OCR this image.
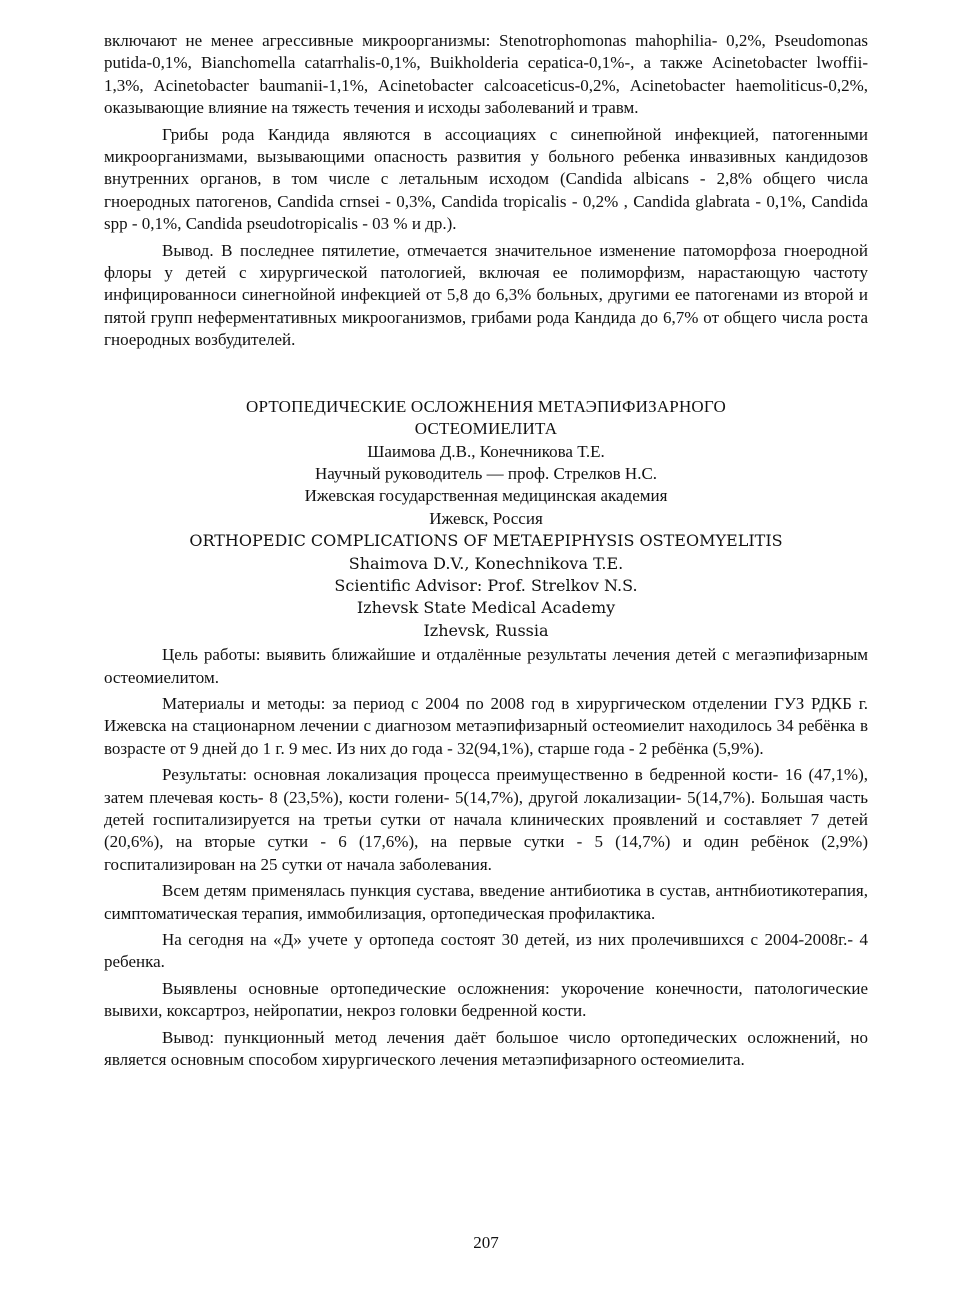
включают не менее агрессивные микроорганизмы: Stenotrophomonas mahophilia- 0,2%, Pseudomonas putida-0,1%, Bianchomella catarrhalis-0,1%, Buikholderia cepatica-0,1%-, а также Acinetobacter lwoffii-1,3%, Acinetobacter baumanii-1,1%, Acinetobacter calcoaceticus-0,2%, Acinetobacter haemoliticus-0,2%, оказывающие влияние на тяжесть течения и исходы заболеваний и травм.

Грибы рода Кандида являются в ассоциациях с синепюйной инфекцией, патогенными микроорганизмами, вызывающими опасность развития у больного ребенка инвазивных кандидозов внутренних органов, в том числе с летальным исходом (Candida albicans - 2,8% общего числа гноеродных патогенов, Candida crnsei - 0,3%, Candida tropicalis - 0,2% , Candida glabrata - 0,1%, Candida spp - 0,1%, Candida pseudotropicalis - 03 % и др.).

Вывод. В последнее пятилетие, отмечается значительное изменение патоморфоза гноеродной флоры у детей с хирургической патологией, включая ее полиморфизм, нарастающую частоту инфицированноси синегнойной инфекцией от 5,8 до 6,3% больных, другими ее патогенами из второй и пятой групп неферментативных микрооганизмов, грибами рода Кандида до 6,7% от общего числа роста гноеродных возбудителей.

ОРТОПЕДИЧЕСКИЕ ОСЛОЖНЕНИЯ МЕТАЭПИФИЗАРНОГО
ОСТЕОМИЕЛИТА
Шаимова Д.В., Конечникова Т.Е.
Научный руководитель — проф. Стрелков Н.С.
Ижевская государственная медицинская академия
Ижевск, Россия
ORTHOPEDIC COMPLICATIONS OF METAEPIPHYSIS OSTEOMYELITIS
Shaimova D.V., Konechnikova T.E.
Scientific Advisor: Prof. Strelkov N.S.
Izhevsk State Medical Academy
Izhevsk, Russia

Цель работы: выявить ближайшие и отдалённые результаты лечения детей с мегаэпифизарным остеомиелитом.

Материалы и методы: за период с 2004 по 2008 год в хирургическом отделении ГУЗ РДКБ г. Ижевска на стационарном лечении с диагнозом метаэпифизарный остеомиелит находилось 34 ребёнка в возрасте от 9 дней до 1 г. 9 мес. Из них до года - 32(94,1%), старше года - 2 ребёнка (5,9%).

Результаты: основная локализация процесса преимущественно в бедренной кости- 16 (47,1%), затем плечевая кость- 8 (23,5%), кости голени- 5(14,7%), другой локализации- 5(14,7%). Большая часть детей госпитализируется на третьи сутки от начала клинических проявлений и составляет 7 детей (20,6%), на вторые сутки - 6 (17,6%), на первые сутки - 5 (14,7%) и один ребёнок (2,9%) госпитализирован на 25 сутки от начала заболевания.

Всем детям применялась пункция сустава, введение антибиотика в сустав, антнбиотикотерапия, симптоматическая терапия, иммобилизация, ортопедическая профилактика.

На сегодня на «Д» учете у ортопеда состоят 30 детей, из них пролечившихся с 2004-2008г.- 4 ребенка.

Выявлены основные ортопедические осложнения: укорочение конечности, патологические вывихи, коксартроз, нейропатии, некроз головки бедренной кости.

Вывод: пункционный метод лечения даёт большое число ортопедических осложнений, но является основным способом хирургического лечения метаэпифизарного остеомиелита.

207
